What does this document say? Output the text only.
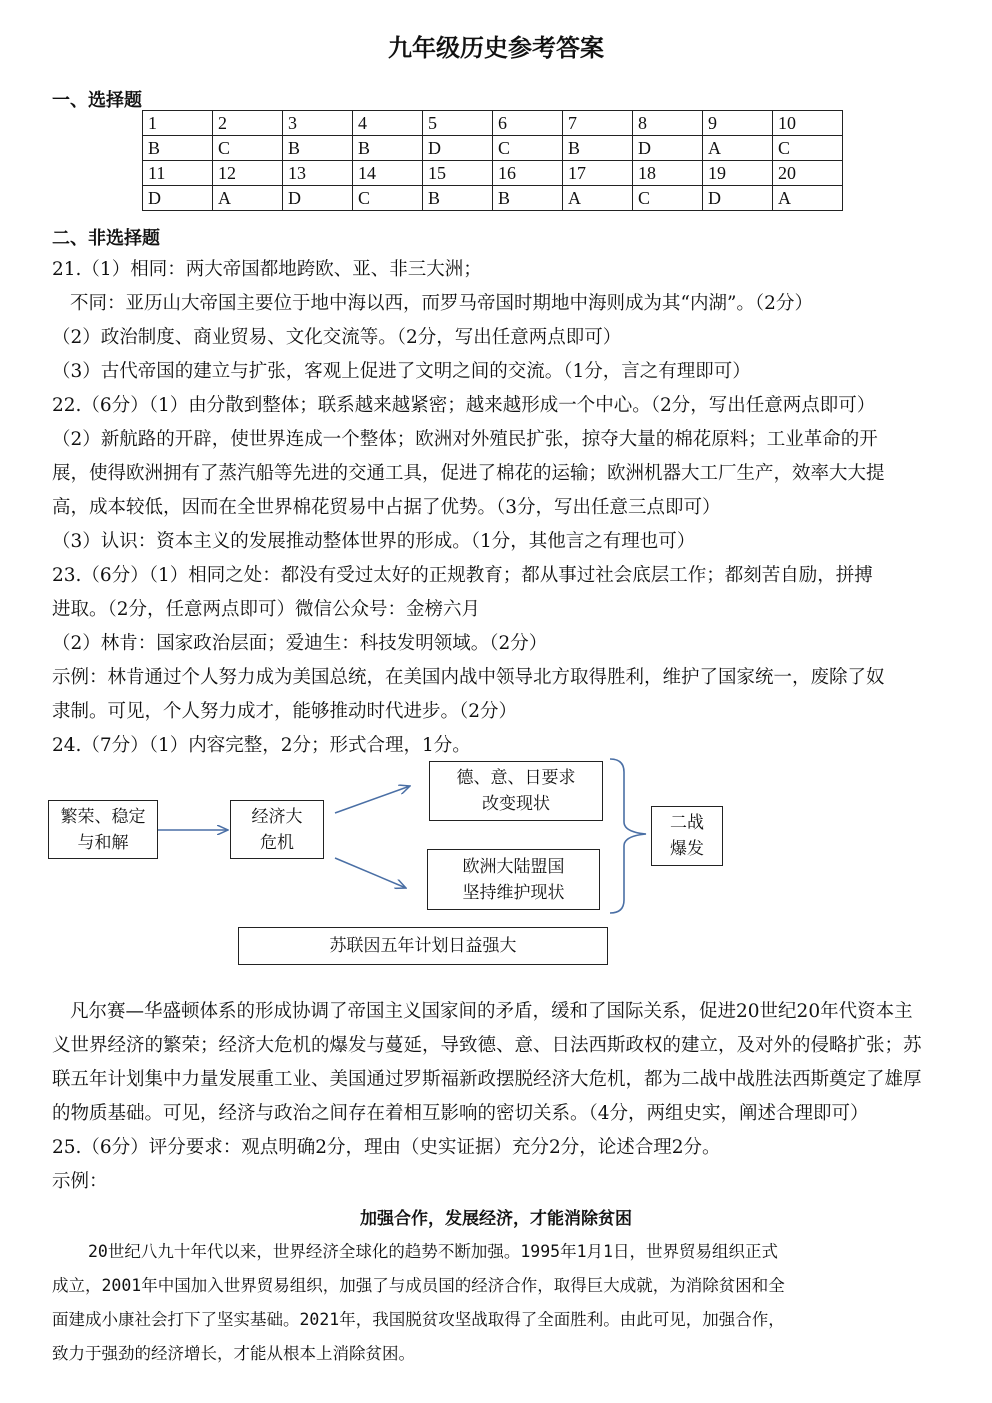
九年级历史参考答案
一、选择题
1	2	3	4	5	6	7	8	9	10
B	C	B	B	D	C	B	D	A	C
11	12	13	14	15	16	17	18	19	20
D	A	D	C	B	B	A	C	D	A
二、非选择题
21.（1）相同：两大帝国都地跨欧、亚、非三大洲；
不同：亚历山大帝国主要位于地中海以西，而罗马帝国时期地中海则成为其“内湖”。（2分）
（2）政治制度、商业贸易、文化交流等。（2分，写出任意两点即可）
（3）古代帝国的建立与扩张，客观上促进了文明之间的交流。（1分，言之有理即可）
22.（6分）（1）由分散到整体；联系越来越紧密；越来越形成一个中心。（2分，写出任意两点即可）
（2）新航路的开辟，使世界连成一个整体；欧洲对外殖民扩张，掠夺大量的棉花原料；工业革命的开
展，使得欧洲拥有了蒸汽船等先进的交通工具，促进了棉花的运输；欧洲机器大工厂生产，效率大大提
高，成本较低，因而在全世界棉花贸易中占据了优势。（3分，写出任意三点即可）
（3）认识：资本主义的发展推动整体世界的形成。（1分，其他言之有理也可）
23.（6分）（1）相同之处：都没有受过太好的正规教育；都从事过社会底层工作；都刻苦自励，拼搏
进取。（2分，任意两点即可）微信公众号：金榜六月
（2）林肯：国家政治层面；爱迪生：科技发明领域。（2分）
示例：林肯通过个人努力成为美国总统，在美国内战中领导北方取得胜利，维护了国家统一，废除了奴
隶制。可见，个人努力成才，能够推动时代进步。（2分）
24.（7分）（1）内容完整，2分；形式合理，1分。
繁荣、稳定
与和解
经济大
危机
德、意、日要求
改变现状
欧洲大陆盟国
坚持维护现状
二战
爆发
苏联因五年计划日益强大
凡尔赛—华盛顿体系的形成协调了帝国主义国家间的矛盾，缓和了国际关系，促进20世纪20年代资本主
义世界经济的繁荣；经济大危机的爆发与蔓延，导致德、意、日法西斯政权的建立，及对外的侵略扩张；苏
联五年计划集中力量发展重工业、美国通过罗斯福新政摆脱经济大危机，都为二战中战胜法西斯奠定了雄厚
的物质基础。可见，经济与政治之间存在着相互影响的密切关系。（4分，两组史实，阐述合理即可）
25.（6分）评分要求：观点明确2分，理由（史实证据）充分2分，论述合理2分。
示例：
加强合作，发展经济，才能消除贫困
20世纪八九十年代以来，世界经济全球化的趋势不断加强。1995年1月1日，世界贸易组织正式
成立，2001年中国加入世界贸易组织，加强了与成员国的经济合作，取得巨大成就，为消除贫困和全
面建成小康社会打下了坚实基础。2021年，我国脱贫攻坚战取得了全面胜利。由此可见，加强合作，
致力于强劲的经济增长，才能从根本上消除贫困。
